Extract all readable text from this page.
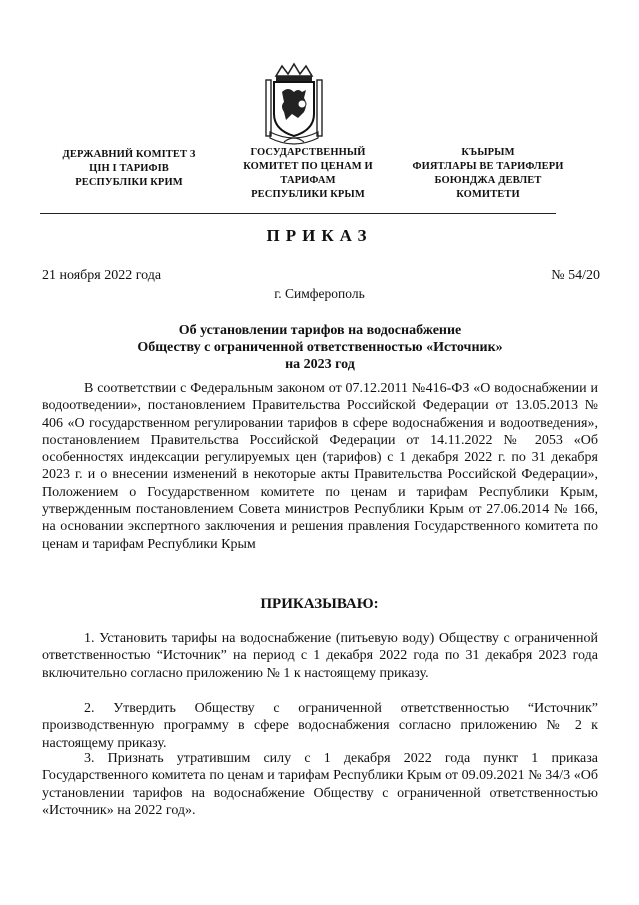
ДЕРЖАВНИЙ КОМІТЕТ З
ЦІН І ТАРИФІВ
РЕСПУБЛІКИ КРИМ
ГОСУДАРСТВЕННЫЙ
КОМИТЕТ ПО ЦЕНАМ И
ТАРИФАМ
РЕСПУБЛИКИ КРЫМ
КЪЫРЫМ
ФИЯТЛАРЫ ВЕ ТАРИФЛЕРИ
БОЮНДЖА ДЕВЛЕТ
КОМИТЕТИ
ПРИКАЗ
21 ноября 2022 года	№ 54/20
г. Симферополь
Об установлении тарифов на водоснабжение
Обществу с ограниченной ответственностью «Источник»
на 2023 год
В соответствии с Федеральным законом от 07.12.2011 №416-ФЗ «О водоснабжении и водоотведении», постановлением Правительства Российской Федерации от 13.05.2013 № 406 «О государственном регулировании тарифов в сфере водоснабжения и водоотведения», постановлением Правительства Российской Федерации от 14.11.2022 № 2053 «Об особенностях индексации регулируемых цен (тарифов) с 1 декабря 2022 г. по 31 декабря 2023 г. и о внесении изменений в некоторые акты Правительства Российской Федерации», Положением о Государственном комитете по ценам и тарифам Республики Крым, утвержденным постановлением Совета министров Республики Крым от 27.06.2014 № 166, на основании экспертного заключения и решения правления Государственного комитета по ценам и тарифам Республики Крым
ПРИКАЗЫВАЮ:
1. Установить тарифы на водоснабжение (питьевую воду) Обществу с ограниченной ответственностью “Источник” на период с 1 декабря 2022 года по 31 декабря 2023 года включительно согласно приложению № 1 к настоящему приказу.
2. Утвердить Обществу с ограниченной ответственностью “Источник” производственную программу в сфере водоснабжения согласно приложению № 2 к настоящему приказу.
3. Признать утратившим силу с 1 декабря 2022 года пункт 1 приказа Государственного комитета по ценам и тарифам Республики Крым от 09.09.2021 № 34/3 «Об установлении тарифов на водоснабжение Обществу с ограниченной ответственностью «Источник» на 2022 год».
